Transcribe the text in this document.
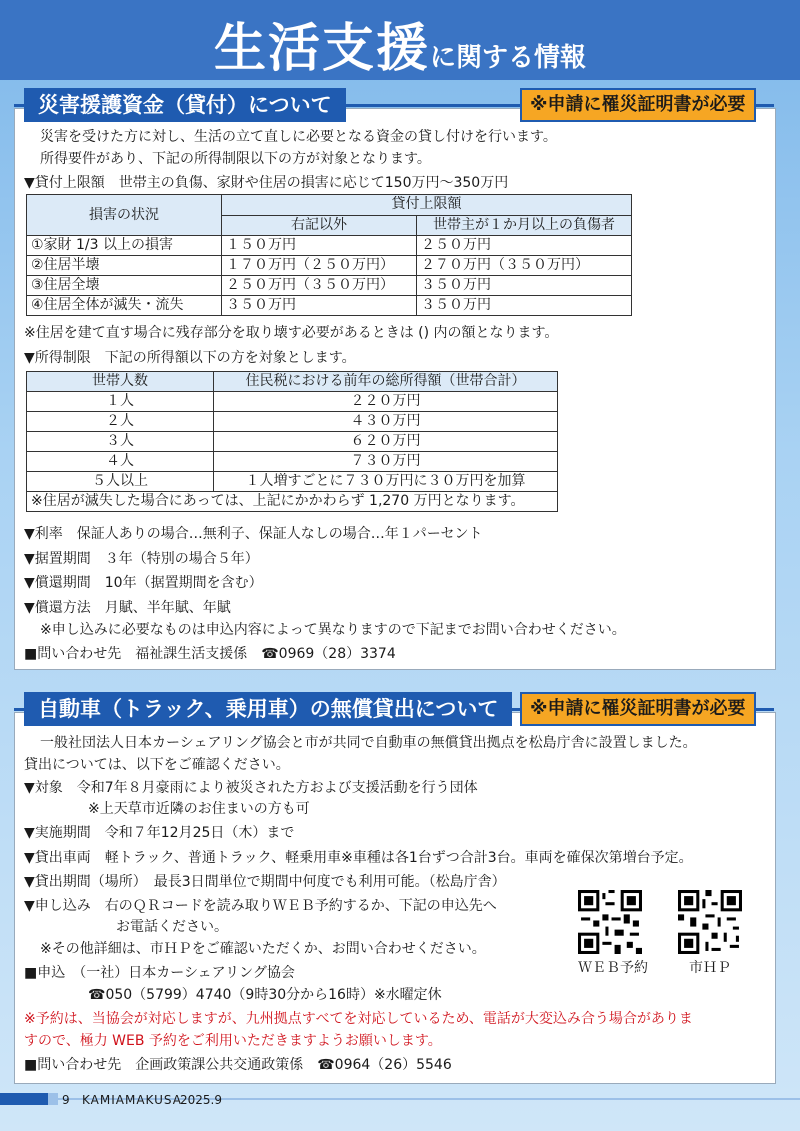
生活支援に関する情報
災害援護資金（貸付）について	※申請に罹災証明書が必要
災害を受けた方に対し、生活の立て直しに必要となる資金の貸し付けを行います。
所得要件があり、下記の所得制限以下の方が対象となります。
▼貸付上限額　世帯主の負傷、家財や住居の損害に応じて150万円～350万円
損害の状況	貸付上限額	
	右記以外	世帯主が１か月以上の負傷者
①家財 1/3 以上の損害	１５０万円	２５０万円
②住居半壊	１７０万円（２５０万円）	２７０万円（３５０万円）
③住居全壊	２５０万円（３５０万円）	３５０万円
④住居全体が滅失・流失	３５０万円	３５０万円
※住居を建て直す場合に残存部分を取り壊す必要があるときは () 内の額となります。
▼所得制限　下記の所得額以下の方を対象とします。
世帯人数	住民税における前年の総所得額（世帯合計）
１人	２２０万円
２人	４３０万円
３人	６２０万円
４人	７３０万円
５人以上	１人増すごとに７３０万円に３０万円を加算
※住居が滅失した場合にあっては、上記にかかわらず 1,270 万円となります。	
▼利率　保証人ありの場合…無利子、保証人なしの場合…年１パーセント
▼据置期間　３年（特別の場合５年）
▼償還期間　10年（据置期間を含む）
▼償還方法　月賦、半年賦、年賦
※申し込みに必要なものは申込内容によって異なりますので下記までお問い合わせください。
■問い合わせ先　福祉課生活支援係　☎0969（28）3374
自動車（トラック、乗用車）の無償貸出について	※申請に罹災証明書が必要
一般社団法人日本カーシェアリング協会と市が共同で自動車の無償貸出拠点を松島庁舎に設置しました。
貸出については、以下をご確認ください。
▼対象　令和7年８月豪雨により被災された方および支援活動を行う団体
※上天草市近隣のお住まいの方も可
▼実施期間　令和７年12月25日（木）まで
▼貸出車両　軽トラック、普通トラック、軽乗用車※車種は各1台ずつ合計3台。車両を確保次第増台予定。
▼貸出期間（場所）　最長3日間単位で期間中何度でも利用可能。（松島庁舎）
▼申し込み　右のＱＲコードを読み取りＷＥＢ予約するか、下記の申込先へ
お電話ください。
※その他詳細は、市ＨＰをご確認いただくか、お問い合わせください。
■申込　（一社）日本カーシェアリング協会
☎050（5799）4740（9時30分から16時）※水曜定休
※予約は、当協会が対応しますが、九州拠点すべてを対応しているため、電話が大変込み合う場合がありま
すので、極力 WEB 予約をご利用いただきますようお願いします。
■問い合わせ先　企画政策課公共交通政策係　☎0964（26）5546
ＷＥＢ予約	市ＨＰ
9 KAMIAMAKUSA
2025.9
